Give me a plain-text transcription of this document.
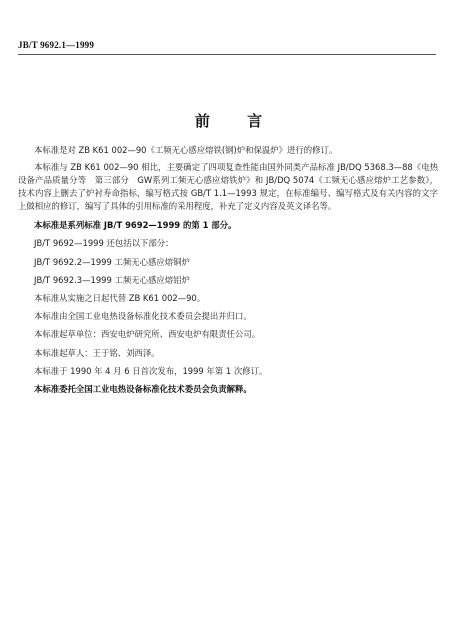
JB/T 9692.1—1999
前 言

本标准是对 ZB K61 002—90《工频无心感应熔铁(钢)炉和保温炉》进行的修订。

本标准与 ZB K61 002—90 相比，主要确定了四项复查性能由国外同类产品标准 JB/DQ 5368.3—88《电热设备产品质量分等　第三部分　GW系列工频无心感应熔铁炉》和 JB/DQ 5074《工频无心感应熔炉工艺参数》，技术内容上删去了炉衬寿命指标，编写格式按 GB/T 1.1—1993 规定，在标准编号、编写格式及有关内容的文字上做相应的修订，编写了具体的引用标准的采用程度，补充了定义内容及英文译名等。

本标准是系列标准 JB/T 9692—1999 的第 1 部分。

JB/T 9692—1999 还包括以下部分：

JB/T 9692.2—1999 工频无心感应熔铜炉

JB/T 9692.3—1999 工频无心感应熔铝炉

本标准从实施之日起代替 ZB K61 002—90。

本标准由全国工业电热设备标准化技术委员会提出并归口。

本标准起草单位：西安电炉研究所、西安电炉有限责任公司。

本标准起草人：王于铭、刘西泽。

本标准于 1990 年 4 月 6 日首次发布，1999 年第 1 次修订。

本标准委托全国工业电热设备标准化技术委员会负责解释。
